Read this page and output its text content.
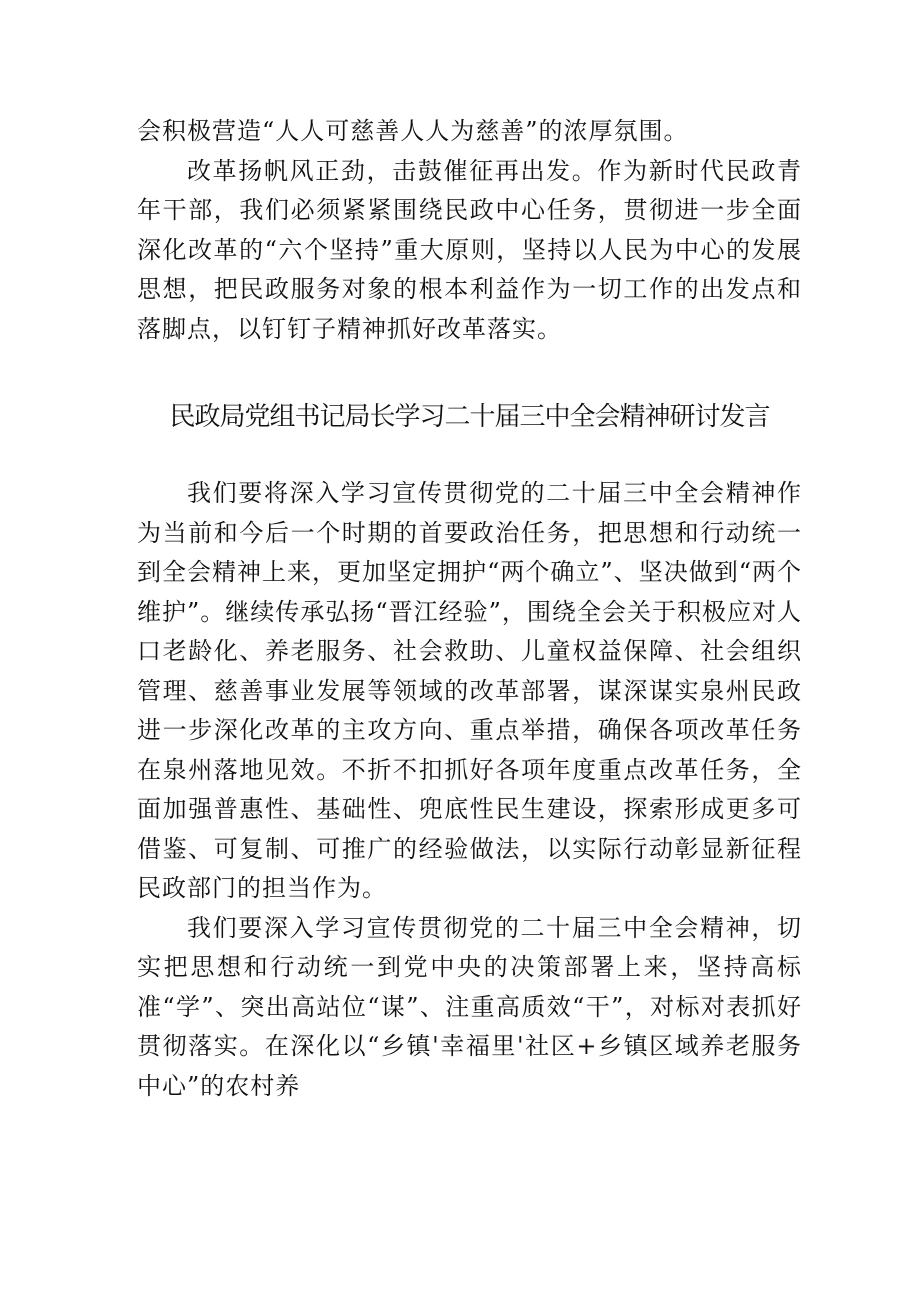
会积极营造“人人可慈善人人为慈善”的浓厚氛围。

改革扬帆风正劲，击鼓催征再出发。作为新时代民政青年干部，我们必须紧紧围绕民政中心任务，贯彻进一步全面深化改革的“六个坚持”重大原则，坚持以人民为中心的发展思想，把民政服务对象的根本利益作为一切工作的出发点和落脚点，以钉钉子精神抓好改革落实。

民政局党组书记局长学习二十届三中全会精神研讨发言

我们要将深入学习宣传贯彻党的二十届三中全会精神作为当前和今后一个时期的首要政治任务，把思想和行动统一到全会精神上来，更加坚定拥护“两个确立”、坚决做到“两个维护”。继续传承弘扬“晋江经验”，围绕全会关于积极应对人口老龄化、养老服务、社会救助、儿童权益保障、社会组织管理、慈善事业发展等领域的改革部署，谋深谋实泉州民政进一步深化改革的主攻方向、重点举措，确保各项改革任务在泉州落地见效。不折不扣抓好各项年度重点改革任务，全面加强普惠性、基础性、兜底性民生建设，探索形成更多可借鉴、可复制、可推广的经验做法，以实际行动彰显新征程民政部门的担当作为。

我们要深入学习宣传贯彻党的二十届三中全会精神，切实把思想和行动统一到党中央的决策部署上来，坚持高标准“学”、突出高站位“谋”、注重高质效“干”，对标对表抓好贯彻落实。在深化以“乡镇'幸福里'社区+乡镇区域养老服务中心”的农村养
